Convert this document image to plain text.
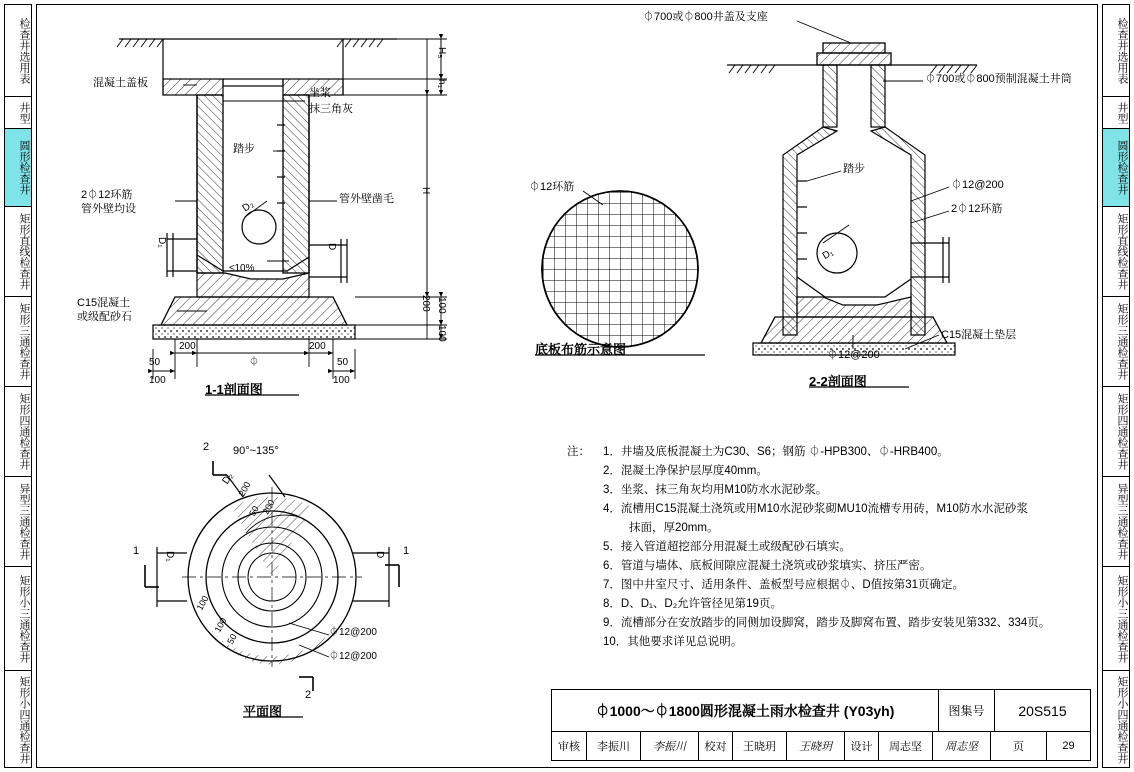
检查井选用表
井型
圆形检查井
矩形直线检查井
矩形三通检查井
矩形四通检查井
异型三通检查井
矩形小三通检查井
矩形小四通检查井
检查井选用表
井型
圆形检查井
矩形直线检查井
矩形三通检查井
矩形四通检查井
异型三通检查井
矩形小三通检查井
矩形小四通检查井
混凝土盖板
坐浆
抹三角灰
踏步
2⏀12环筋
管外壁均设
管外壁凿毛
C15混凝土
或级配砂石
≤10%
D₂
D₁	D
⏀
200	200
50	50
100	100
H₅
h₁
H
100
100
200
1-1剖面图
90°~135°
⏀12@200
⏀12@200
D
D₁
D₂
100
100
200
200
50
50
1	1
2
2
平面图
⏀12环筋
底板布筋示意图
⏀700或⏀800井盖及支座
⏀700或⏀800预制混凝土井筒
踏步
⏀12@200
2⏀12环筋
⏀12@200
C15混凝土垫层
D₁
2-2剖面图
注： 1．井墙及底板混凝土为C30、S6；钢筋 ⏀-HPB300、⏀-HRB400。
2．混凝土净保护层厚度40mm。
3．坐浆、抹三角灰均用M10防水水泥砂浆。
4．流槽用C15混凝土浇筑或用M10水泥砂浆砌MU10流槽专用砖，M10防水水泥砂浆
抹面，厚20mm。
5．接入管道超挖部分用混凝土或级配砂石填实。
6．管道与墙体、底板间隙应混凝土浇筑或砂浆填实、挤压严密。
7．图中井室尺寸、适用条件、盖板型号应根据⏀、D值按第31页确定。
8．D、D₁、D₂允许管径见第19页。
9．流槽部分在安放踏步的同侧加设脚窝，踏步及脚窝布置、踏步安装见第332、334页。
10．其他要求详见总说明。
⏀1000～⏀1800圆形混凝土雨水检查井 (Y03yh)	图集号	20S515
审核	李振川	李振川	校对	王晓玥	王晓玥	设计	周志坚	周志坚	页	29
